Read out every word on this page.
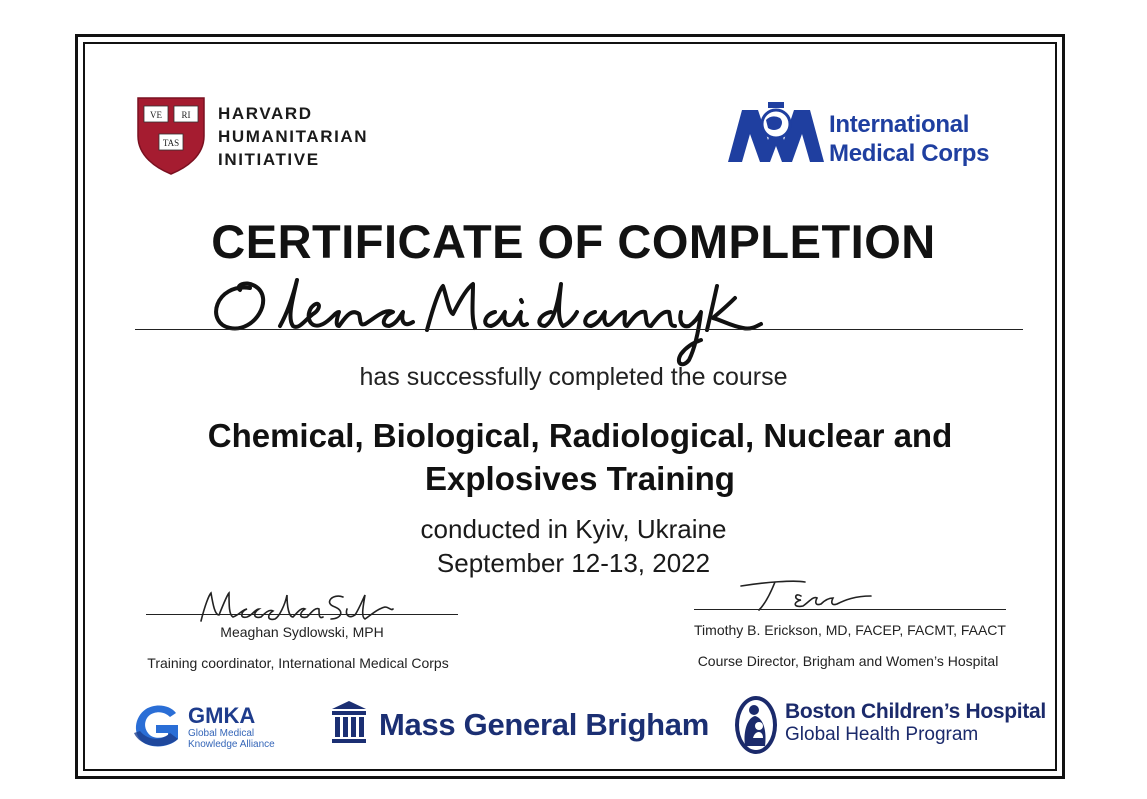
VE RI
TAS
HARVARD
HUMANITARIAN
INITIATIVE
International
Medical Corps
CERTIFICATE OF COMPLETION
has successfully completed the course
Chemical, Biological, Radiological, Nuclear and
Explosives Training
conducted in Kyiv, Ukraine
September 12-13, 2022
Meaghan Sydlowski, MPH
Training coordinator, International Medical Corps
Timothy B. Erickson, MD, FACEP, FACMT, FAACT
Course Director, Brigham and Women’s Hospital
GMKA
Global Medical
Knowledge Alliance
Mass General Brigham	Boston Children’s Hospital
Global Health Program
